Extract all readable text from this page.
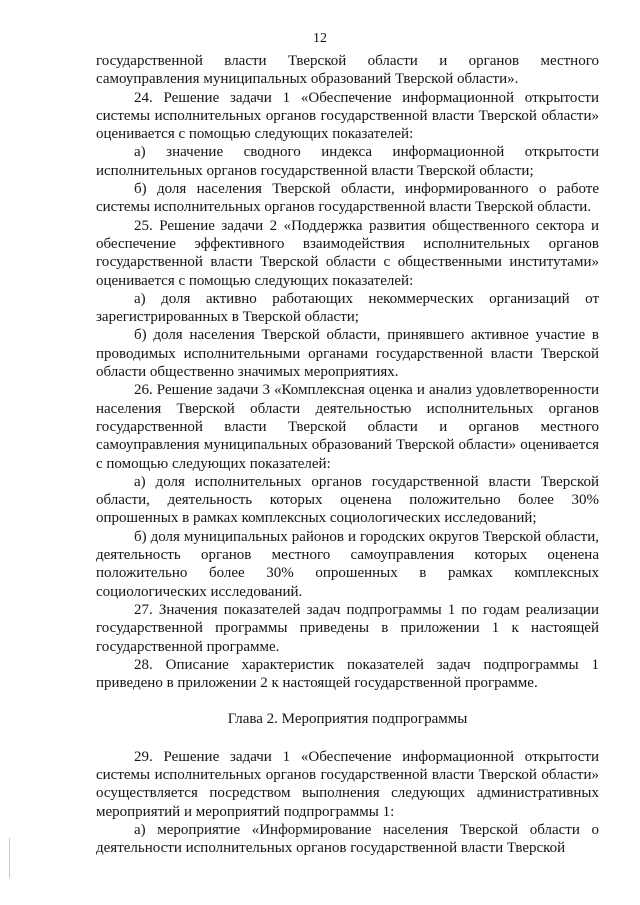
12

государственной власти Тверской области и органов местного самоуправления муниципальных образований Тверской области».

24. Решение задачи 1 «Обеспечение информационной открытости системы исполнительных органов государственной власти Тверской области» оценивается с помощью следующих показателей:

а) значение сводного индекса информационной открытости исполнительных органов государственной власти Тверской области;

б) доля населения Тверской области, информированного о работе системы исполнительных органов государственной власти Тверской области.

25. Решение задачи 2 «Поддержка развития общественного сектора и обеспечение эффективного взаимодействия исполнительных органов государственной власти Тверской области с общественными институтами» оценивается с помощью следующих показателей:

а) доля активно работающих некоммерческих организаций от зарегистрированных в Тверской области;

б) доля населения Тверской области, принявшего активное участие в проводимых исполнительными органами государственной власти Тверской области общественно значимых мероприятиях.

26. Решение задачи 3 «Комплексная оценка и анализ удовлетворенности населения Тверской области деятельностью исполнительных органов государственной власти Тверской области и органов местного самоуправления муниципальных образований Тверской области» оценивается с помощью следующих показателей:

а) доля исполнительных органов государственной власти Тверской области, деятельность которых оценена положительно более 30% опрошенных в рамках комплексных социологических исследований;

б) доля муниципальных районов и городских округов Тверской области, деятельность органов местного самоуправления которых оценена положительно более 30% опрошенных в рамках комплексных социологических исследований.

27. Значения показателей задач подпрограммы 1 по годам реализации государственной программы приведены в приложении 1 к настоящей государственной программе.

28. Описание характеристик показателей задач подпрограммы 1 приведено в приложении 2 к настоящей государственной программе.

Глава 2. Мероприятия подпрограммы

29. Решение задачи 1 «Обеспечение информационной открытости системы исполнительных органов государственной власти Тверской области» осуществляется посредством выполнения следующих административных мероприятий и мероприятий подпрограммы 1:

а) мероприятие «Информирование населения Тверской области о деятельности исполнительных органов государственной власти Тверской
